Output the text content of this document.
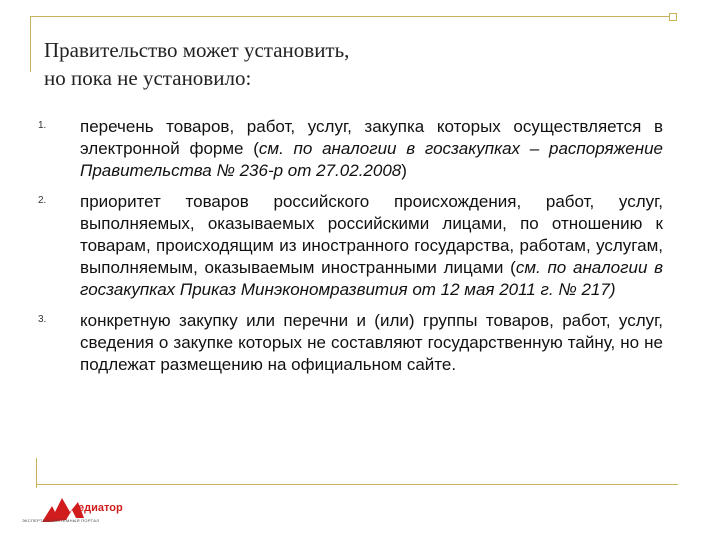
Правительство может установить,
но пока не установило:
1.	перечень товаров, работ, услуг, закупка которых осуществляется в электронной форме (см. по аналогии в госзакупках – распоряжение Правительства № 236-р от 27.02.2008)

2.	приоритет товаров российского происхождения, работ, услуг, выполняемых, оказываемых российскими лицами, по отношению к товарам, происходящим из иностранного государства, работам, услугам, выполняемым, оказываемым иностранными лицами (см. по аналогии в госзакупках Приказ Минэкономразвития от 12 мая 2011 г. № 217)

3.	конкретную закупку или перечни и (или) группы товаров, работ, услуг, сведения о закупке которых не составляют государственную тайну, но не подлежат размещению на официальном сайте.

едиатор
ЭКСПЕРТНО-СИСТЕМНЫЙ ПОРТАЛ
